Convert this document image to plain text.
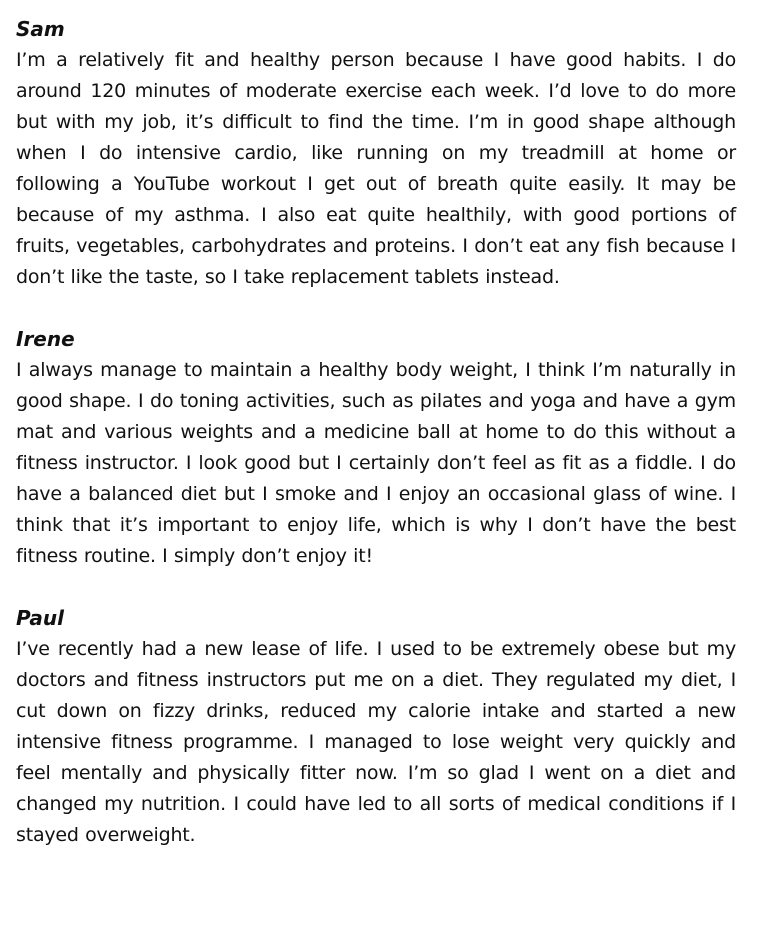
Sam

I’m a relatively fit and healthy person because I have good habits. I do around 120 minutes of moderate exercise each week. I’d love to do more but with my job, it’s difficult to find the time. I’m in good shape although when I do intensive cardio, like running on my treadmill at home or following a YouTube workout I get out of breath quite easily. It may be because of my asthma. I also eat quite healthily, with good portions of fruits, vegetables, carbohydrates and proteins. I don’t eat any fish because I don’t like the taste, so I take replacement tablets instead.

Irene

I always manage to maintain a healthy body weight, I think I’m naturally in good shape. I do toning activities, such as pilates and yoga and have a gym mat and various weights and a medicine ball at home to do this without a fitness instructor. I look good but I certainly don’t feel as fit as a fiddle. I do have a balanced diet but I smoke and I enjoy an occasional glass of wine. I think that it’s important to enjoy life, which is why I don’t have the best fitness routine. I simply don’t enjoy it!

Paul

I’ve recently had a new lease of life. I used to be extremely obese but my doctors and fitness instructors put me on a diet. They regulated my diet, I cut down on fizzy drinks, reduced my calorie intake and started a new intensive fitness programme. I managed to lose weight very quickly and feel mentally and physically fitter now. I’m so glad I went on a diet and changed my nutrition. I could have led to all sorts of medical conditions if I stayed overweight.
